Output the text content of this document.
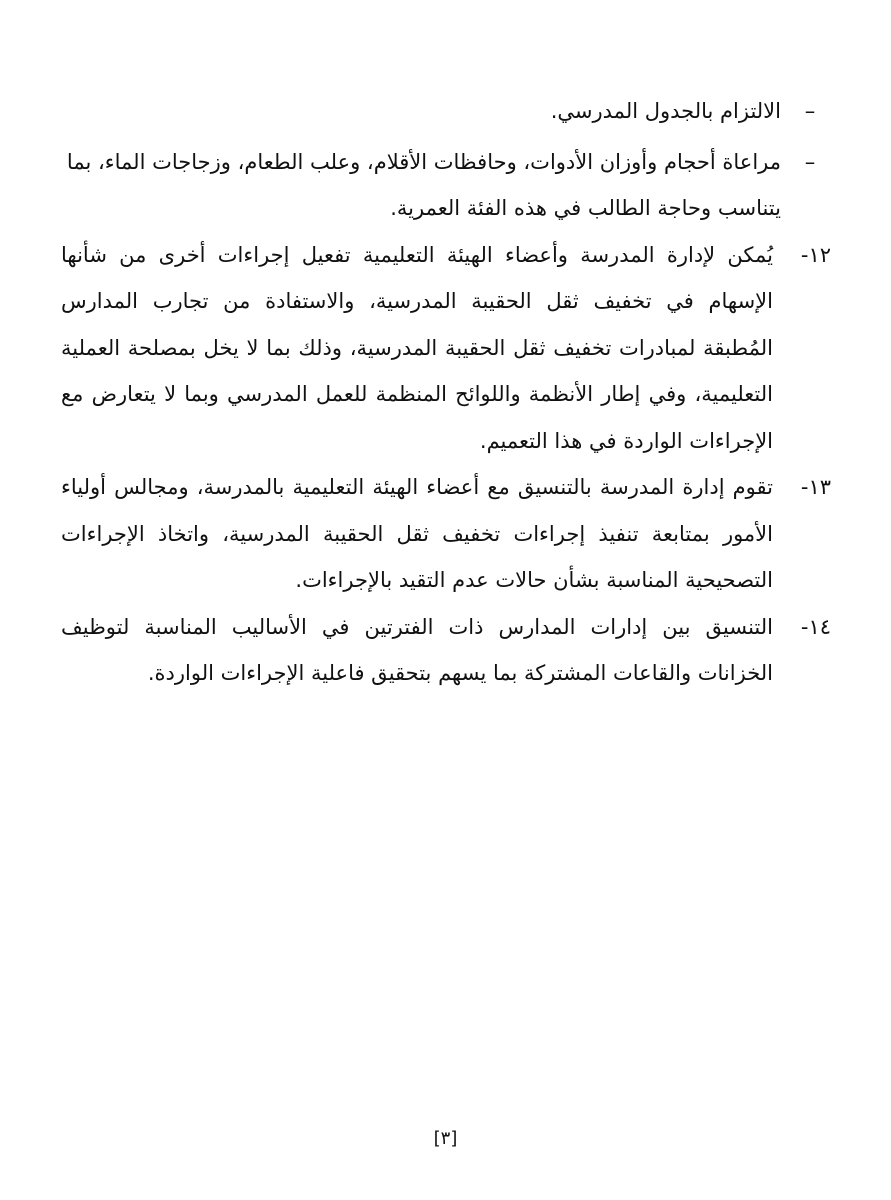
–
الالتزام بالجدول المدرسي.

–
مراعاة أحجام وأوزان الأدوات، وحافظات الأقلام، وعلب الطعام، وزجاجات الماء، بما يتناسب وحاجة الطالب في هذه الفئة العمرية.

١٢-
يُمكن لإدارة المدرسة وأعضاء الهيئة التعليمية تفعيل إجراءات أخرى من شأنها الإسهام في تخفيف ثقل الحقيبة المدرسية، والاستفادة من تجارب المدارس المُطبقة لمبادرات تخفيف ثقل الحقيبة المدرسية، وذلك بما لا يخل بمصلحة العملية التعليمية، وفي إطار الأنظمة واللوائح المنظمة للعمل المدرسي وبما لا يتعارض مع الإجراءات الواردة في هذا التعميم.

١٣-
تقوم إدارة المدرسة بالتنسيق مع أعضاء الهيئة التعليمية بالمدرسة، ومجالس أولياء الأمور بمتابعة تنفيذ إجراءات تخفيف ثقل الحقيبة المدرسية، واتخاذ الإجراءات التصحيحية المناسبة بشأن حالات عدم التقيد بالإجراءات.

١٤-
التنسيق بين إدارات المدارس ذات الفترتين في الأساليب المناسبة لتوظيف الخزانات والقاعات المشتركة بما يسهم بتحقيق فاعلية الإجراءات الواردة.

[٣]
